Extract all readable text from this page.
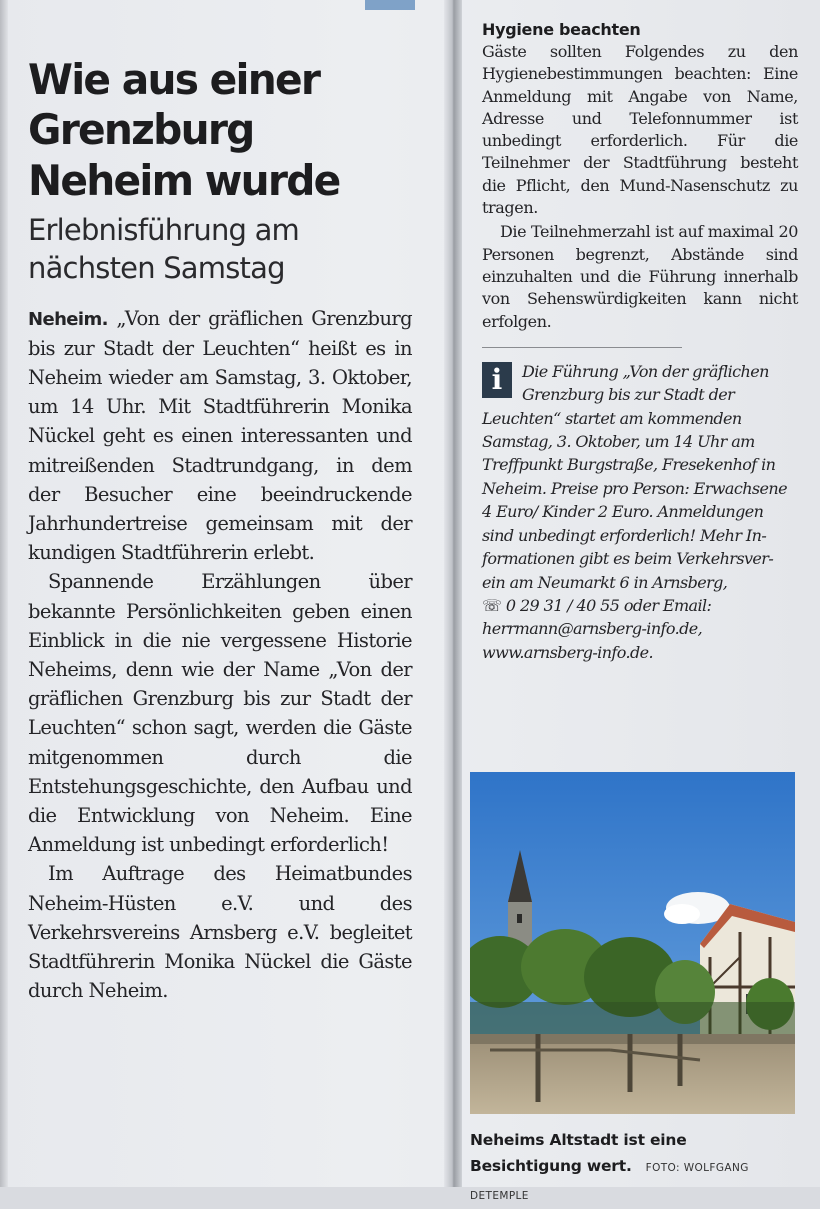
Wie aus einer
Grenzburg
Neheim wurde
Erlebnisführung am
nächsten Samstag

Neheim. „Von der gräflichen Grenzburg bis zur Stadt der Leuchten“ heißt es in Neheim wieder am Samstag, 3. Oktober, um 14 Uhr. Mit Stadtführerin Monika Nückel geht es einen interessanten und mitreißenden Stadtrundgang, in dem der Besucher eine beeindruckende Jahrhundertreise gemeinsam mit der kundigen Stadtführerin erlebt.

Spannende Erzählungen über bekannte Persönlichkeiten geben einen Einblick in die nie vergessene Historie Neheims, denn wie der Name „Von der gräflichen Grenzburg bis zur Stadt der Leuchten“ schon sagt, werden die Gäste mitgenommen durch die Entstehungsgeschichte, den Aufbau und die Entwicklung von Neheim. Eine Anmeldung ist unbedingt erforderlich!

Im Auftrage des Heimatbundes Neheim-Hüsten e.V. und des Verkehrsvereins Arnsberg e.V. begleitet Stadtführerin Monika Nückel die Gäste durch Neheim.

Hygiene beachten

Gäste sollten Folgendes zu den Hygienebestimmungen beachten: Eine Anmeldung mit Angabe von Name, Adresse und Telefonnummer ist unbedingt erforderlich. Für die Teilnehmer der Stadtführung besteht die Pflicht, den Mund-Nasenschutz zu tragen.

Die Teilnehmerzahl ist auf maximal 20 Personen begrenzt, Abstände sind einzuhalten und die Führung innerhalb von Sehenswürdigkeiten kann nicht erfolgen.

i	Die Führung „Von der gräflichen
Grenzburg bis zur Stadt der
Leuchten“ startet am kommenden
Samstag, 3. Oktober, um 14 Uhr am
Treffpunkt Burgstraße, Fresekenhof in
Neheim. Preise pro Person: Erwachsene
4 Euro/ Kinder 2 Euro. Anmeldungen
sind unbedingt erforderlich! Mehr In-
formationen gibt es beim Verkehrsver-
ein am Neumarkt 6 in Arnsberg,
☏ 0 29 31 / 40 55 oder Email:
herrmann@arnsberg-info.de,
www.arnsberg-info.de.

Neheims Altstadt ist eine Besichtigung wert. FOTO: WOLFGANG DETEMPLE
